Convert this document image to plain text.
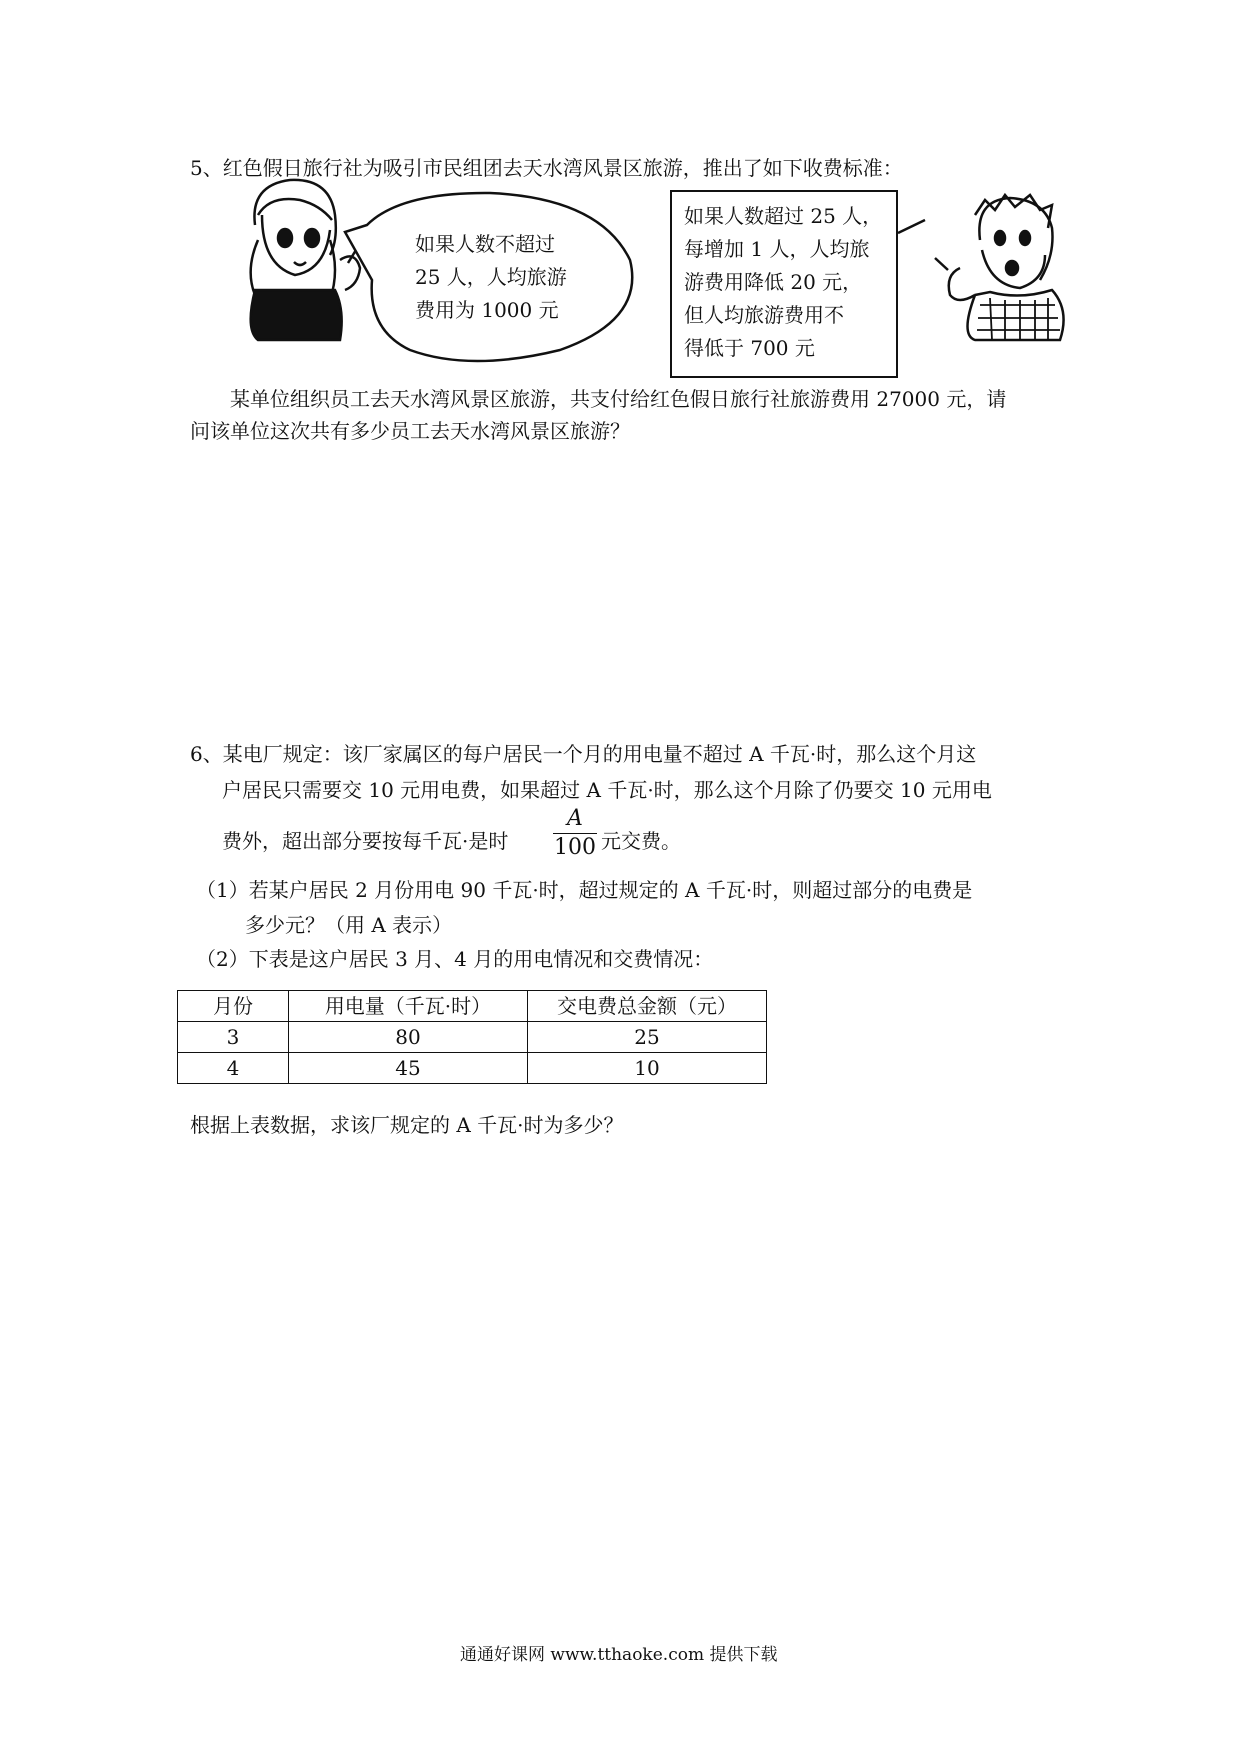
5、红色假日旅行社为吸引市民组团去天水湾风景区旅游，推出了如下收费标准：
如果人数不超过
25 人，人均旅游
费用为 1000 元
如果人数超过 25 人，
每增加 1 人，人均旅
游费用降低 20 元，
但人均旅游费用不
得低于 700 元
某单位组织员工去天水湾风景区旅游，共支付给红色假日旅行社旅游费用 27000 元，请
问该单位这次共有多少员工去天水湾风景区旅游？
6、某电厂规定：该厂家属区的每户居民一个月的用电量不超过 A 千瓦·时，那么这个月这
户居民只需要交 10 元用电费，如果超过 A 千瓦·时，那么这个月除了仍要交 10 元用电
费外，超出部分要按每千瓦·是时
A
100 元交费。
（1）若某户居民 2 月份用电 90 千瓦·时，超过规定的 A 千瓦·时，则超过部分的电费是
多少元？（用 A 表示）
（2）下表是这户居民 3 月、4 月的用电情况和交费情况：
月份	用电量（千瓦·时）	交电费总金额（元）
3	80	25
4	45	10
根据上表数据，求该厂规定的 A 千瓦·时为多少？
通通好课网 www.tthaoke.com 提供下载
